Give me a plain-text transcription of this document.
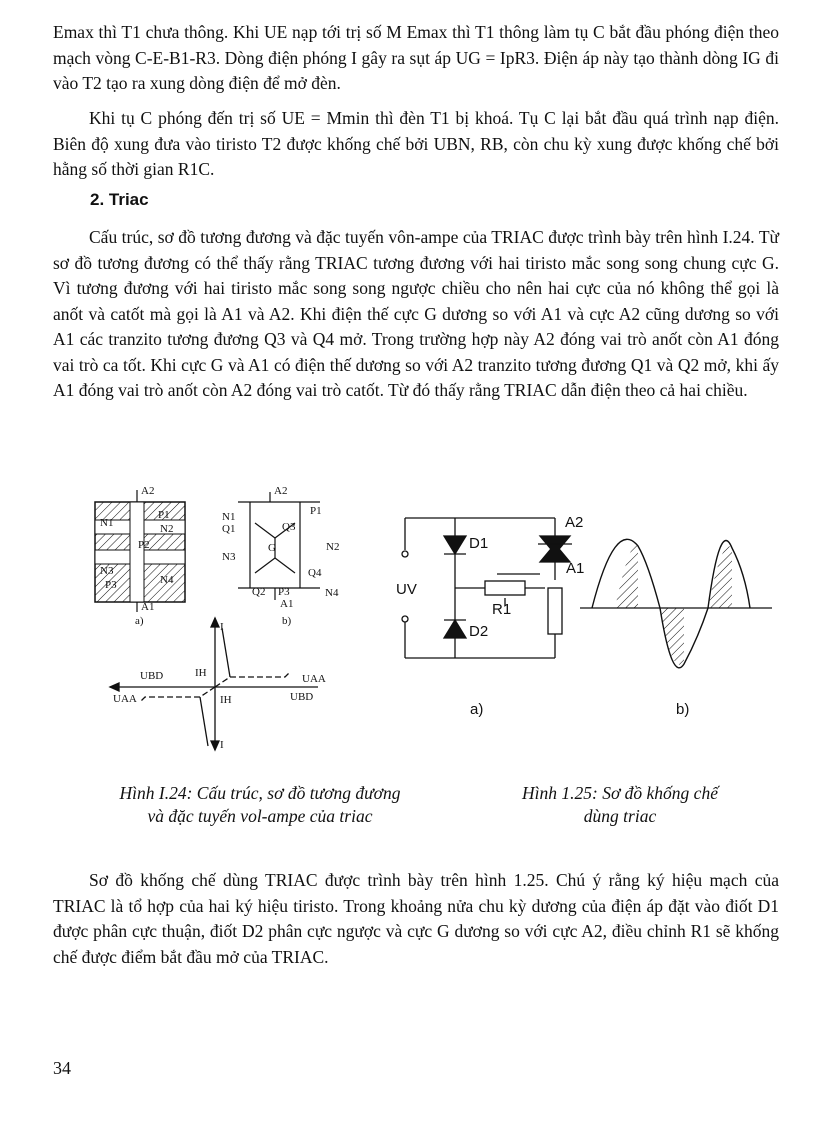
Emax thì T1 chưa thông. Khi UE nạp tới trị số M Emax thì T1 thông làm tụ C bắt đầu phóng điện theo mạch vòng C-E-B1-R3. Dòng điện phóng I gây ra sụt áp UG = IpR3. Điện áp này tạo thành dòng IG đi vào T2 tạo ra xung dòng điện để mở đèn.
Khi tụ C phóng đến trị số UE = Mmin thì đèn T1 bị khoá. Tụ C lại bắt đầu quá trình nạp điện. Biên độ xung đưa vào tiristo T2 được khống chế bởi UBN, RB, còn chu kỳ xung được khống chế bởi hằng số thời gian R1C.
2. Triac
Cấu trúc, sơ đồ tương đương và đặc tuyến vôn-ampe của TRIAC được trình bày trên hình I.24. Từ sơ đồ tương đương có thể thấy rằng TRIAC tương đương với hai tiristo mắc song song chung cực G. Vì tương đương với hai tiristo mắc song song ngược chiều cho nên hai cực của nó không thể gọi là anốt và catốt mà gọi là A1 và A2. Khi điện thế cực G dương so với A1 và cực A2 cũng dương so với A1 các tranzito tương đương Q3 và Q4 mở. Trong trường hợp này A2 đóng vai trò anốt còn A1 đóng vai trò ca tốt. Khi cực G và A1 có điện thế dương so với A2 tranzito tương đương Q1 và Q2 mở, khi ấy A1 đóng vai trò anốt còn A2 đóng vai trò catốt. Từ đó thấy rằng TRIAC dẫn điện theo cả hai chiều.
A2
N1
P1
N2
P2
N3
P3	N4
A1
a)
A2
N1
Q1
P1
Q3
N2
G
N3
Q4
Q2 P3	N4
A1
b)
I
I
UBD
UBD
UAA
UAA
IH
IH
A2
A1
D1
D2
R1
UV
a)	b)
Hình I.24: Cấu trúc, sơ đồ tương đương
và đặc tuyến vol-ampe của triac
Hình 1.25: Sơ đồ khống chế
dùng triac
Sơ đồ khống chế dùng TRIAC được trình bày trên hình 1.25. Chú ý rằng ký hiệu mạch của TRIAC là tổ hợp của hai ký hiệu tiristo. Trong khoảng nửa chu kỳ dương của điện áp đặt vào điốt D1 được phân cực thuận, điốt D2 phân cực ngược và cực G dương so với cực A2, điều chỉnh R1 sẽ khống chế được điểm bắt đầu mở của TRIAC.
34
